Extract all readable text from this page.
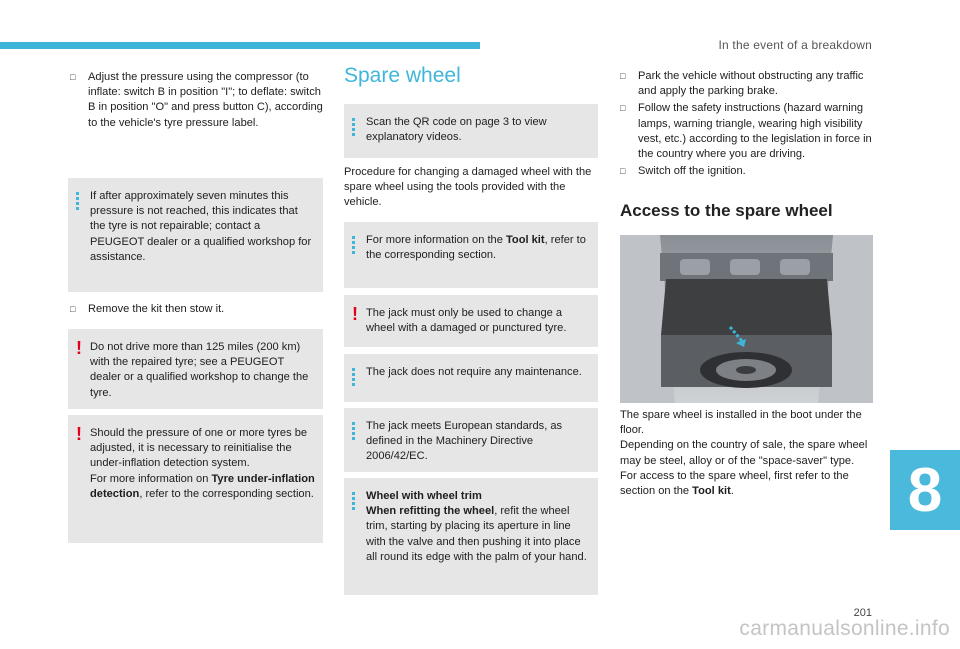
In the event of a breakdown
8
201
carmanualsonline.info
□ Adjust the pressure using the compressor (to inflate: switch B in position "I"; to deflate: switch B in position "O" and press button C), according to the vehicle's tyre pressure label.
If after approximately seven minutes this pressure is not reached, this indicates that the tyre is not repairable; contact a PEUGEOT dealer or a qualified workshop for assistance.
□ Remove the kit then stow it.
! Do not drive more than 125 miles (200 km) with the repaired tyre; see a PEUGEOT dealer or a qualified workshop to change the tyre.
! Should the pressure of one or more tyres be adjusted, it is necessary to reinitialise the under-inflation detection system.
For more information on Tyre under-inflation detection, refer to the corresponding section.
Spare wheel
Scan the QR code on page 3 to view explanatory videos.
Procedure for changing a damaged wheel with the spare wheel using the tools provided with the vehicle.
For more information on the Tool kit, refer to the corresponding section.
! The jack must only be used to change a wheel with a damaged or punctured tyre.
The jack does not require any maintenance.
The jack meets European standards, as defined in the Machinery Directive 2006/42/EC.
Wheel with wheel trim
When refitting the wheel, refit the wheel trim, starting by placing its aperture in line with the valve and then pushing it into place all round its edge with the palm of your hand.
□ Park the vehicle without obstructing any traffic and apply the parking brake.
□ Follow the safety instructions (hazard warning lamps, warning triangle, wearing high visibility vest, etc.) according to the legislation in force in the country where you are driving.
□ Switch off the ignition.
Access to the spare wheel
The spare wheel is installed in the boot under the floor.
Depending on the country of sale, the spare wheel may be steel, alloy or of the "space-saver" type.
For access to the spare wheel, first refer to the section on the Tool kit.
